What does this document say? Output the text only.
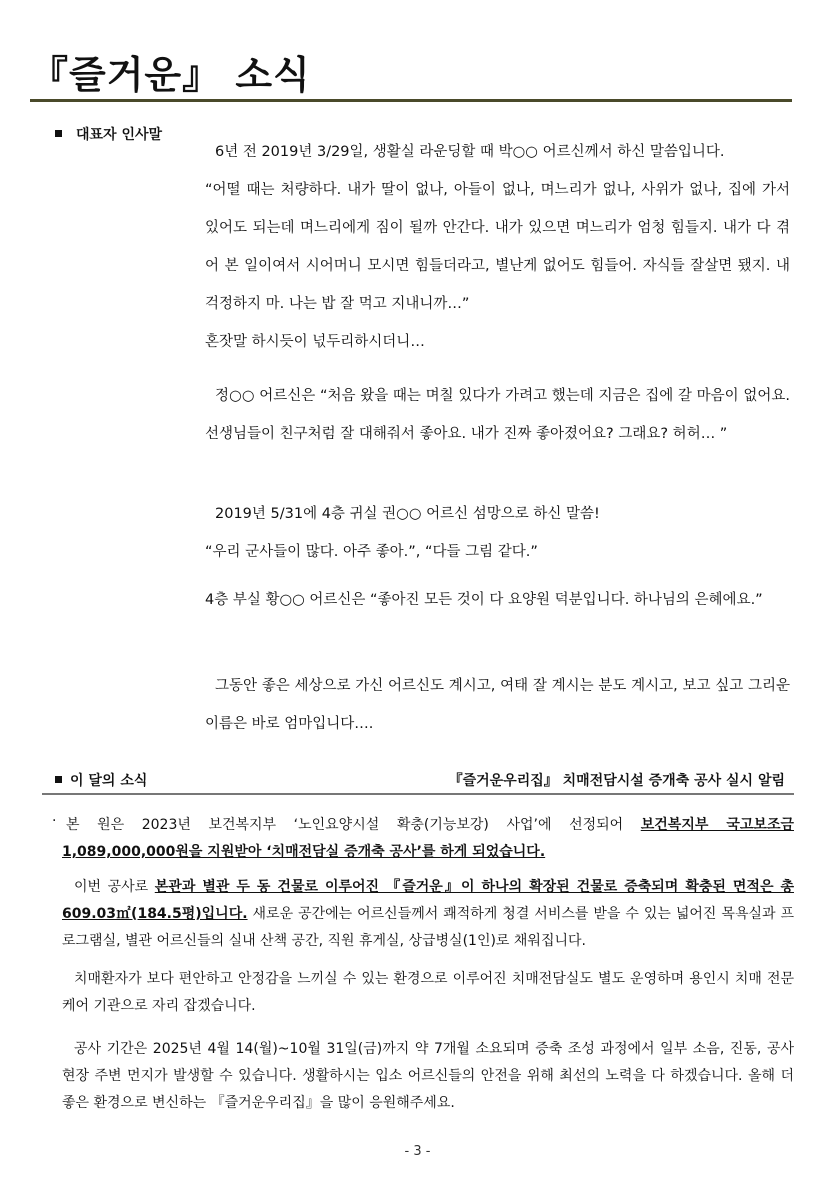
『즐거운』 소식
대표자 인사말

6년 전 2019년 3/29일, 생활실 라운딩할 때 박○○ 어르신께서 하신 말씀입니다.

“어떨 때는 처량하다. 내가 딸이 없나, 아들이 없나, 며느리가 없나, 사위가 없나, 집에 가서 있어도 되는데 며느리에게 짐이 될까 안간다. 내가 있으면 며느리가 엄청 힘들지. 내가 다 겪어 본 일이여서 시어머니 모시면 힘들더라고, 별난게 없어도 힘들어. 자식들 잘살면 됐지. 내 걱정하지 마. 나는 밥 잘 먹고 지내니까…”

혼잣말 하시듯이 넋두리하시더니…

정○○ 어르신은 “처음 왔을 때는 며칠 있다가 가려고 했는데 지금은 집에 갈 마음이 없어요. 선생님들이 친구처럼 잘 대해줘서 좋아요. 내가 진짜 좋아졌어요? 그래요? 허허… ”

2019년 5/31에 4층 귀실 권○○ 어르신 섬망으로 하신 말씀!

“우리 군사들이 많다. 아주 좋아.”, “다들 그림 같다.”

4층 부실 황○○ 어르신은 “좋아진 모든 것이 다 요양원 덕분입니다. 하나님의 은혜에요.”

그동안 좋은 세상으로 가신 어르신도 계시고, 여태 잘 계시는 분도 계시고, 보고 싶고 그리운 이름은 바로 엄마입니다….

이 달의 소식	『즐거운우리집』 치매전담시설 증개축 공사 실시 알림
· 본 원은 2023년 보건복지부 ‘노인요양시설 확충(기능보강) 사업’에 선정되어 보건복지부 국고보조금 1,089,000,000원을 지원받아 ‘치매전담실 증개축 공사’를 하게 되었습니다.

이번 공사로 본관과 별관 두 동 건물로 이루어진 『즐거운』이 하나의 확장된 건물로 증축되며 확충된 면적은 총 609.03㎡(184.5평)입니다. 새로운 공간에는 어르신들께서 쾌적하게 청결 서비스를 받을 수 있는 넓어진 목욕실과 프로그램실, 별관 어르신들의 실내 산책 공간, 직원 휴게실, 상급병실(1인)로 채워집니다.

치매환자가 보다 편안하고 안정감을 느끼실 수 있는 환경으로 이루어진 치매전담실도 별도 운영하며 용인시 치매 전문 케어 기관으로 자리 잡겠습니다.

공사 기간은 2025년 4월 14(월)~10월 31일(금)까지 약 7개월 소요되며 증축 조성 과정에서 일부 소음, 진동, 공사 현장 주변 먼지가 발생할 수 있습니다. 생활하시는 입소 어르신들의 안전을 위해 최선의 노력을 다 하겠습니다. 올해 더 좋은 환경으로 변신하는 『즐거운우리집』을 많이 응원해주세요.

- 3 -
